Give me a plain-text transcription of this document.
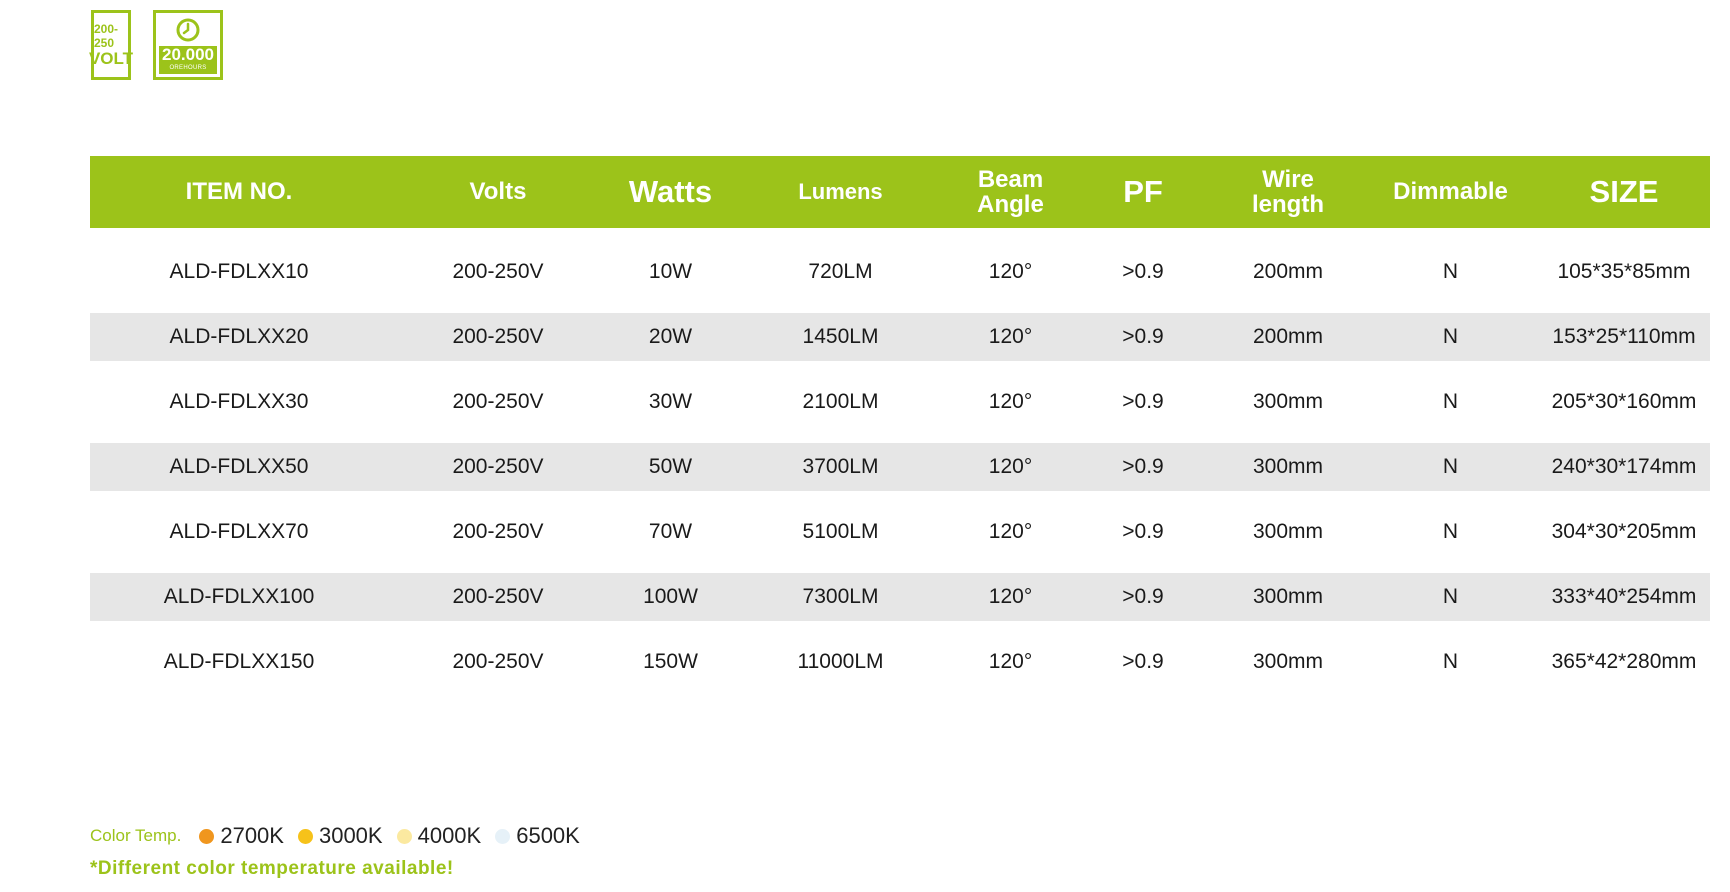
200-250
VOLT 20.000
OREHOURS
ITEM NO.	Volts	Watts	Lumens	Beam Angle	PF	Wire length	Dimmable	SIZE
ALD-FDLXX10	200-250V	10W	720LM	120°	>0.9	200mm	N	105*35*85mm
ALD-FDLXX20	200-250V	20W	1450LM	120°	>0.9	200mm	N	153*25*110mm
ALD-FDLXX30	200-250V	30W	2100LM	120°	>0.9	300mm	N	205*30*160mm
ALD-FDLXX50	200-250V	50W	3700LM	120°	>0.9	300mm	N	240*30*174mm
ALD-FDLXX70	200-250V	70W	5100LM	120°	>0.9	300mm	N	304*30*205mm
ALD-FDLXX100	200-250V	100W	7300LM	120°	>0.9	300mm	N	333*40*254mm
ALD-FDLXX150	200-250V	150W	11000LM	120°	>0.9	300mm	N	365*42*280mm
Color Temp. 2700K 3000K 4000K 6500K
*Different color temperature available!
